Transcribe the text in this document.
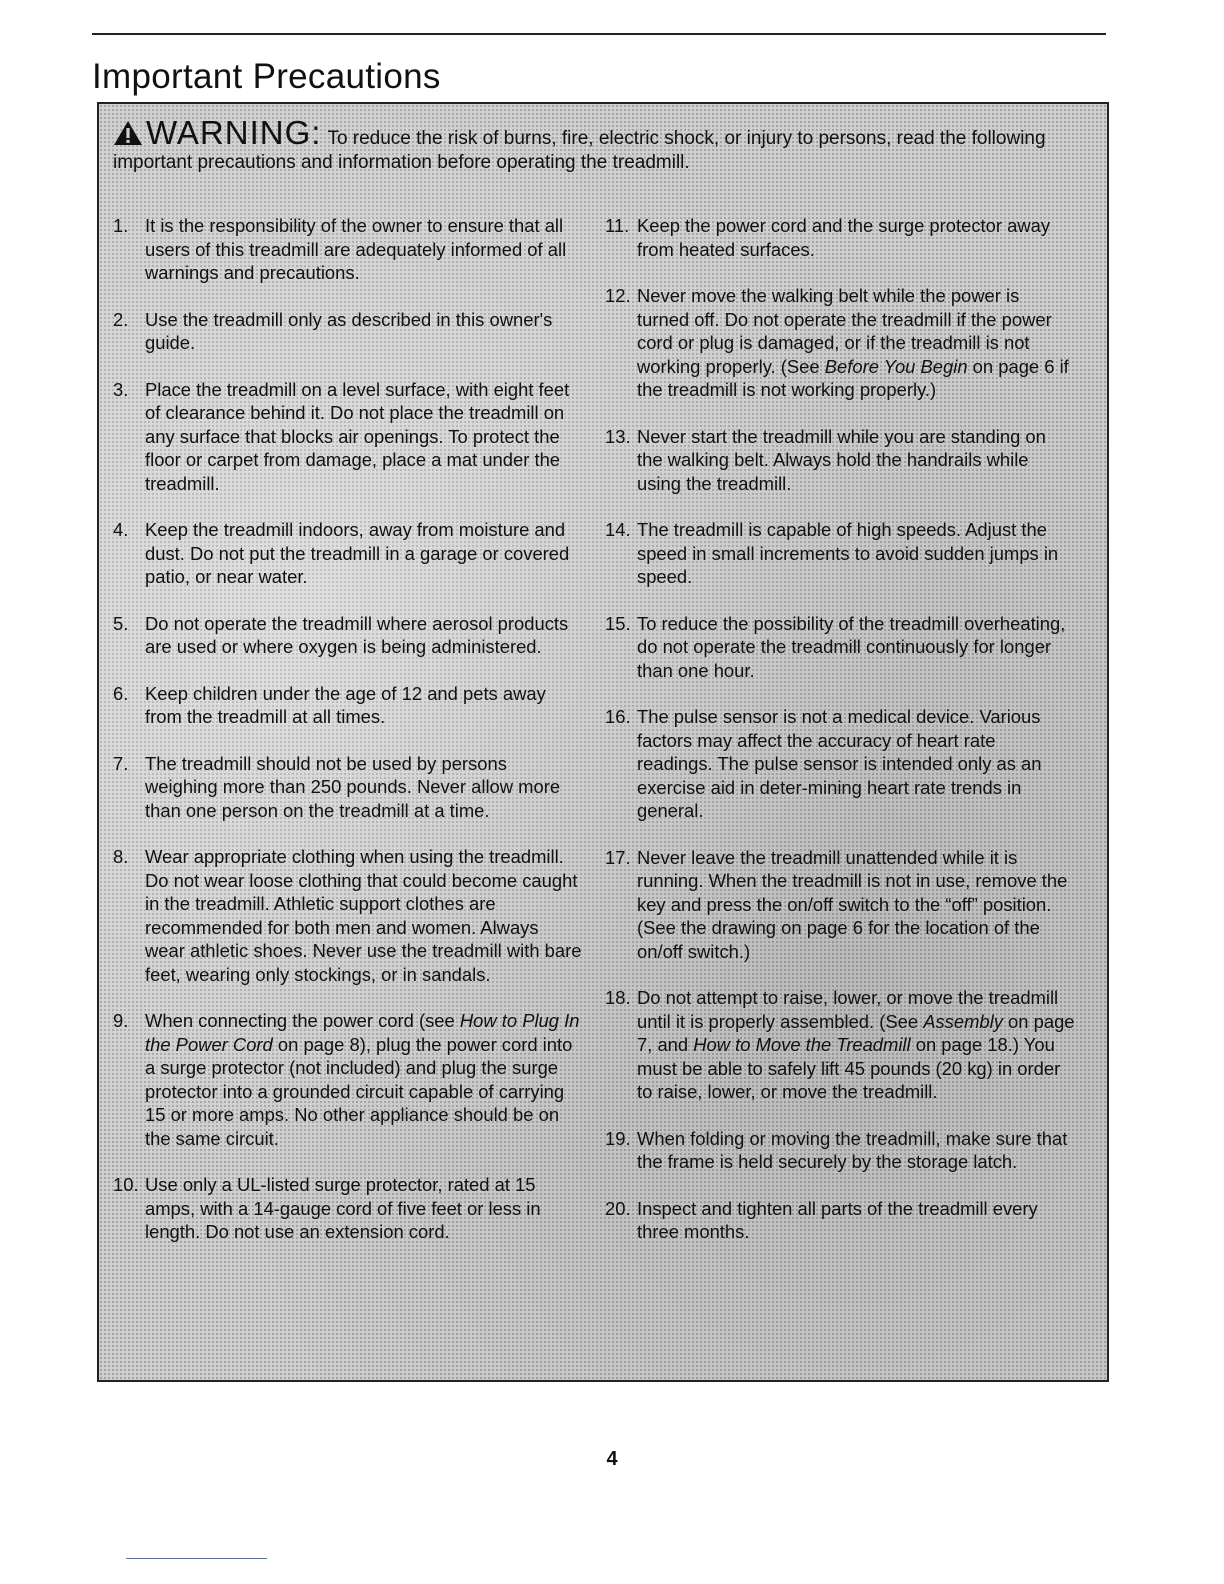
Important Precautions
WARNING: To reduce the risk of burns, fire, electric shock, or injury to persons, read the following important precautions and information before operating the treadmill.
1. It is the responsibility of the owner to ensure that all users of this treadmill are adequately informed of all warnings and precautions.
2. Use the treadmill only as described in this owner's guide.
3. Place the treadmill on a level surface, with eight feet of clearance behind it. Do not place the treadmill on any surface that blocks air openings. To protect the floor or carpet from damage, place a mat under the treadmill.
4. Keep the treadmill indoors, away from moisture and dust. Do not put the treadmill in a garage or covered patio, or near water.
5. Do not operate the treadmill where aerosol products are used or where oxygen is being administered.
6. Keep children under the age of 12 and pets away from the treadmill at all times.
7. The treadmill should not be used by persons weighing more than 250 pounds. Never allow more than one person on the treadmill at a time.
8. Wear appropriate clothing when using the treadmill. Do not wear loose clothing that could become caught in the treadmill. Athletic support clothes are recommended for both men and women. Always wear athletic shoes. Never use the treadmill with bare feet, wearing only stockings, or in sandals.
9. When connecting the power cord (see How to Plug In the Power Cord on page 8), plug the power cord into a surge protector (not included) and plug the surge protector into a grounded circuit capable of carrying 15 or more amps. No other appliance should be on the same circuit.
10. Use only a UL-listed surge protector, rated at 15 amps, with a 14-gauge cord of five feet or less in length. Do not use an extension cord.
11. Keep the power cord and the surge protector away from heated surfaces.
12. Never move the walking belt while the power is turned off. Do not operate the treadmill if the power cord or plug is damaged, or if the treadmill is not working properly. (See Before You Begin on page 6 if the treadmill is not working properly.)
13. Never start the treadmill while you are standing on the walking belt. Always hold the handrails while using the treadmill.
14. The treadmill is capable of high speeds. Adjust the speed in small increments to avoid sudden jumps in speed.
15. To reduce the possibility of the treadmill overheating, do not operate the treadmill continuously for longer than one hour.
16. The pulse sensor is not a medical device. Various factors may affect the accuracy of heart rate readings. The pulse sensor is intended only as an exercise aid in deter-mining heart rate trends in general.
17. Never leave the treadmill unattended while it is running. When the treadmill is not in use, remove the key and press the on/off switch to the “off” position. (See the drawing on page 6 for the location of the on/off switch.)
18. Do not attempt to raise, lower, or move the treadmill until it is properly assembled. (See Assembly on page 7, and How to Move the Treadmill on page 18.) You must be able to safely lift 45 pounds (20 kg) in order to raise, lower, or move the treadmill.
19. When folding or moving the treadmill, make sure that the frame is held securely by the storage latch.
20. Inspect and tighten all parts of the treadmill every three months.
4
